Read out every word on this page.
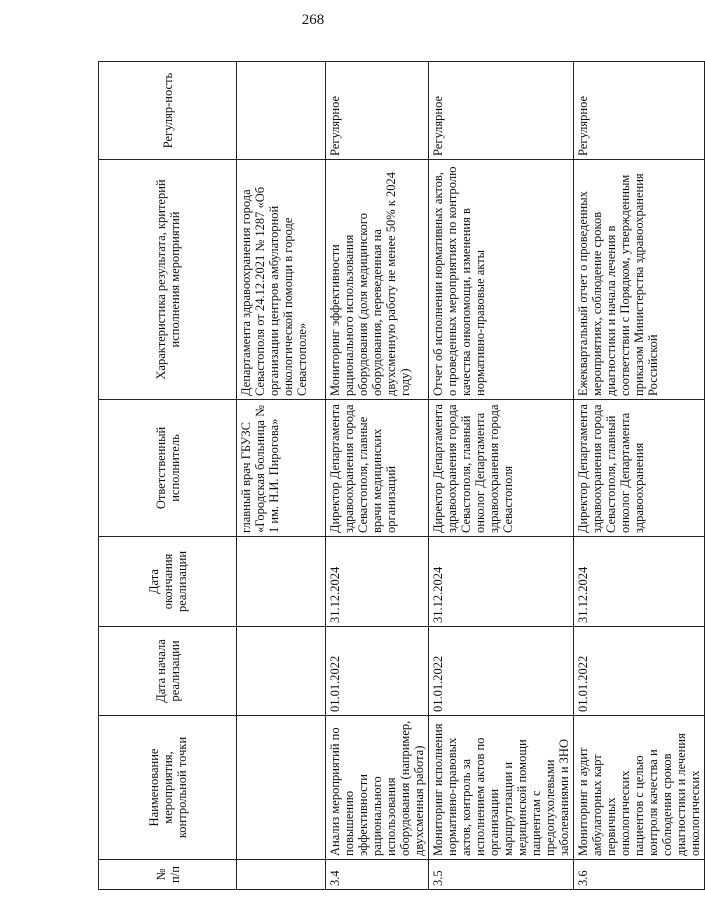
268
№ п/п	Наименование мероприятия, контрольной точки	Дата начала реализации	Дата окончания реализации	Ответственный исполнитель	Характеристика результата, критерий исполнения мероприятий	Регуляр-ность
				главный врач ГБУЗС «Городская больница № 1 им. Н.И. Пирогова»	Департамента здравоохранения города Севастополя от 24.12.2021 № 1287 «Об организации центров амбулаторной онкологической помощи в городе Севастополе»	
3.4	Анализ мероприятий по повышению эффективности рационального использования оборудования (например, двухсменная работа)	01.01.2022	31.12.2024	Директор Департамента здравоохранения города Севастополя, главные врачи медицинских организаций	Мониторинг эффективности рационального использования оборудования (доля медицинского оборудования, переведенная на двухсменную работу не менее 50% к 2024 году)	Регулярное
3.5	Мониторинг исполнения нормативно-правовых актов, контроль за исполнением актов по организации маршрутизации и медицинской помощи пациентам с предопухолевыми заболеваниями и ЗНО	01.01.2022	31.12.2024	Директор Департамента здравоохранения города Севастополя, главный онколог Департамента здравоохранения города Севастополя	Отчет об исполнении нормативных актов, о проведенных мероприятиях по контролю качества онкопомощи, изменения в нормативно-правовые акты	Регулярное
3.6	Мониторинг и аудит амбулаторных карт первичных онкологических пациентов с целью контроля качества и соблюдения сроков диагностики и лечения онкологических	01.01.2022	31.12.2024	Директор Департамента здравоохранения города Севастополя, главный онколог Департамента здравоохранения	Ежеквартальный отчет о проведенных мероприятиях, соблюдение сроков диагностики и начала лечения в соответствии с Порядком, утвержденным приказом Министерства здравоохранения Российской	Регулярное
